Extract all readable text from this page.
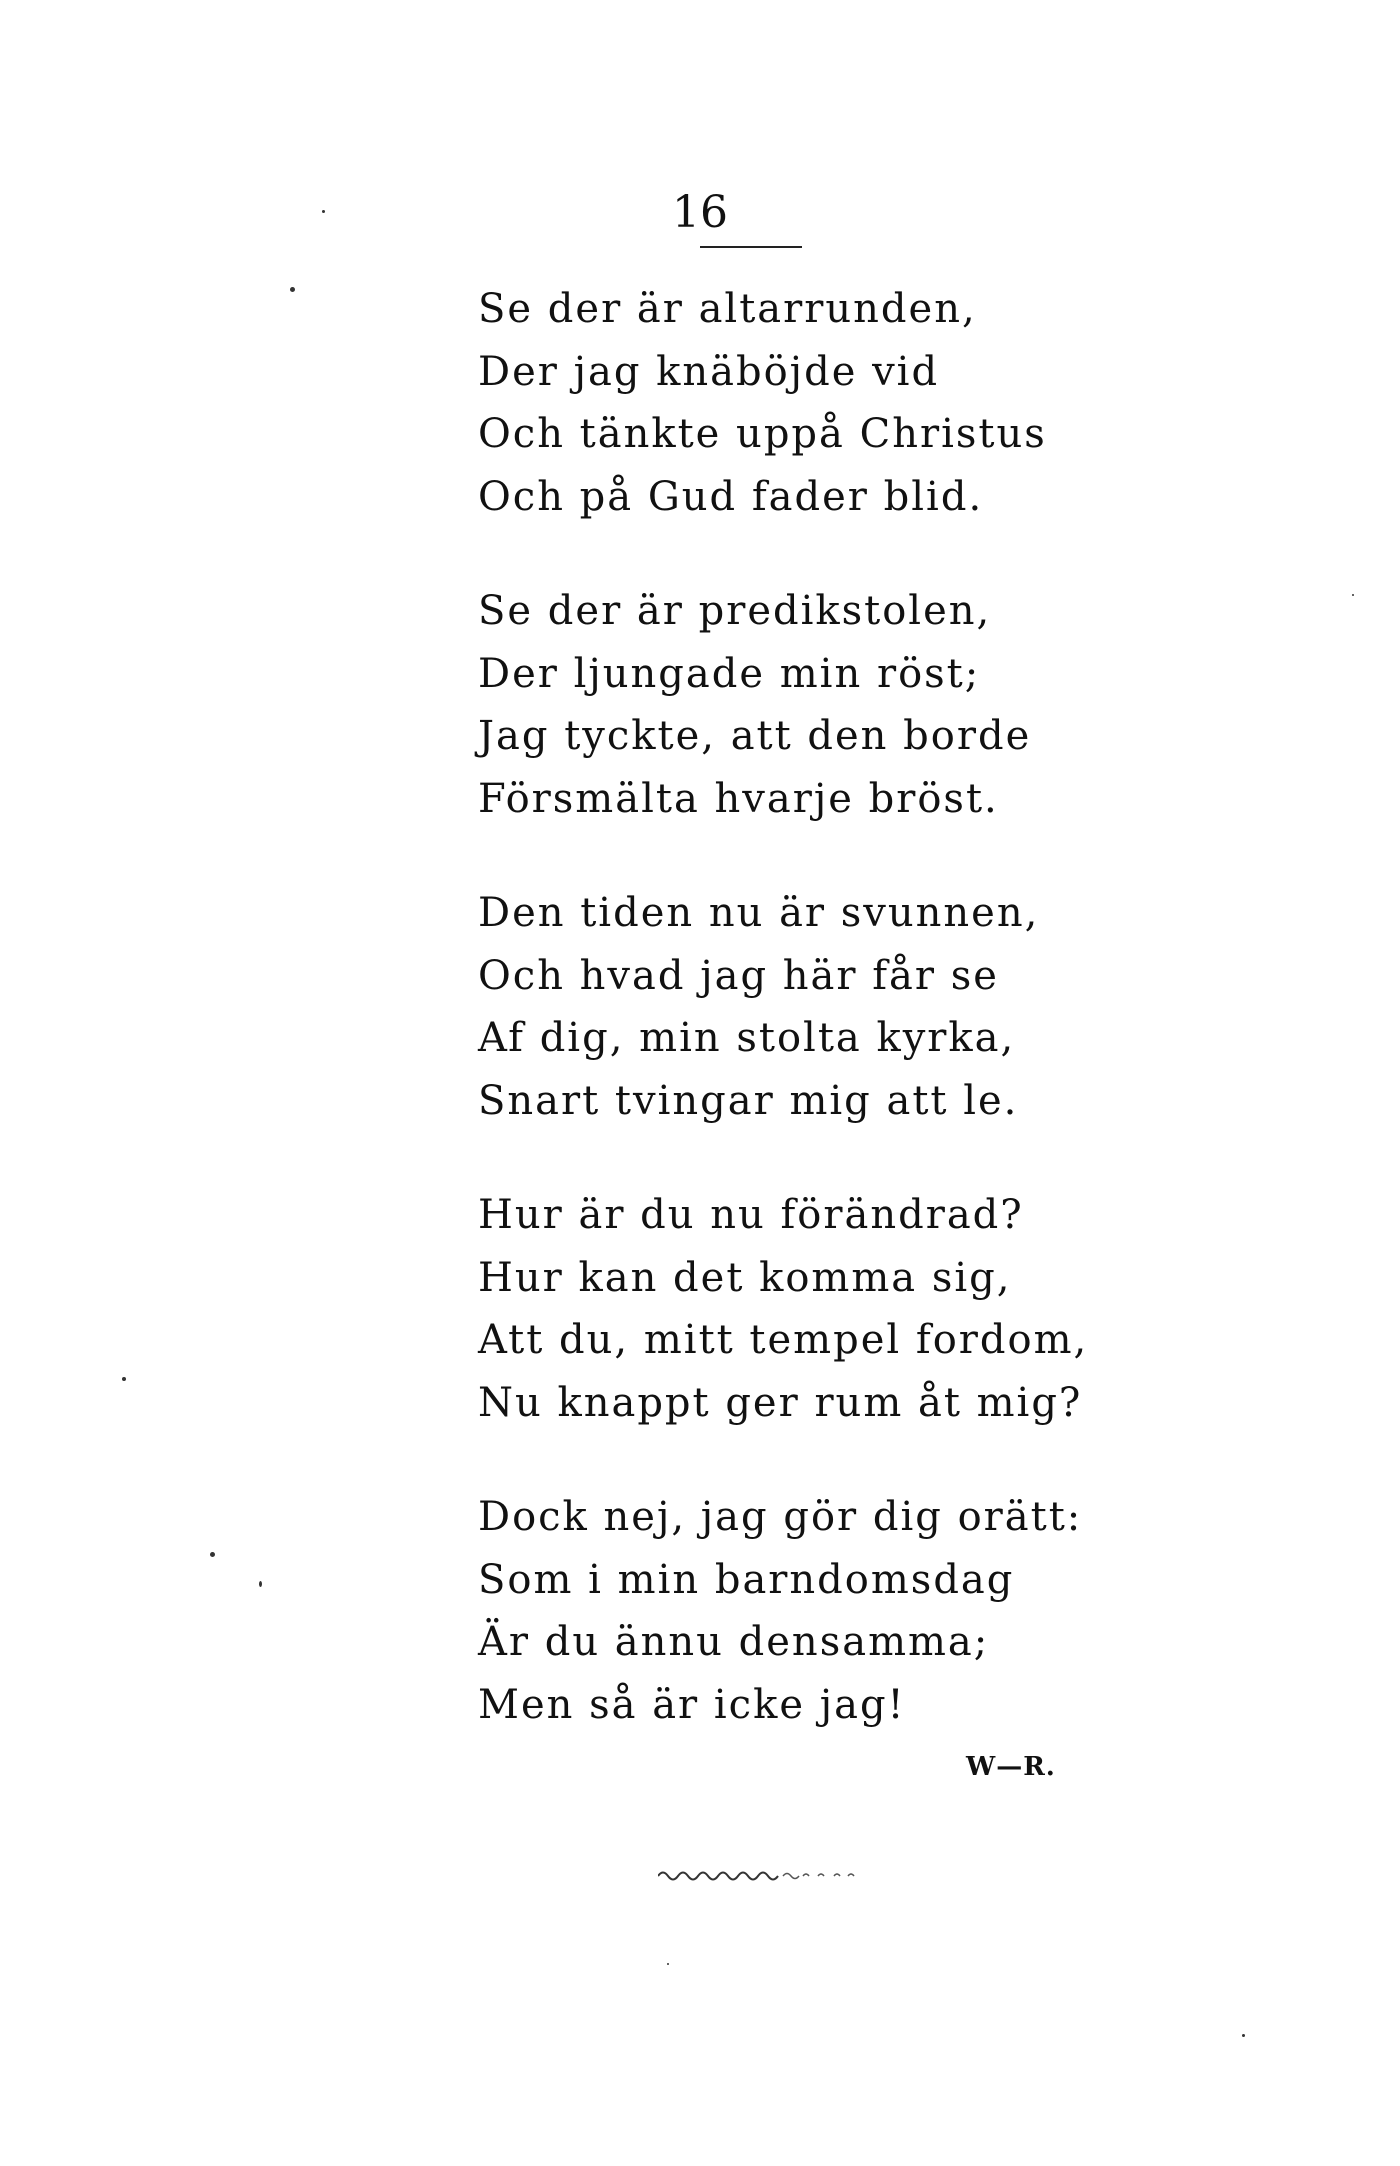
16
Se der är altarrunden,
Der jag knäböjde vid
Och tänkte uppå Christus
Och på Gud fader blid.
Se der är predikstolen,
Der ljungade min röst;
Jag tyckte, att den borde
Försmälta hvarje bröst.
Den tiden nu är svunnen,
Och hvad jag här får se
Af dig, min stolta kyrka,
Snart tvingar mig att le.
Hur är du nu förändrad?
Hur kan det komma sig,
Att du, mitt tempel fordom,
Nu knappt ger rum åt mig?
Dock nej, jag gör dig orätt:
Som i min barndomsdag
Är du ännu densamma;
Men så är icke jag!
W—R.
